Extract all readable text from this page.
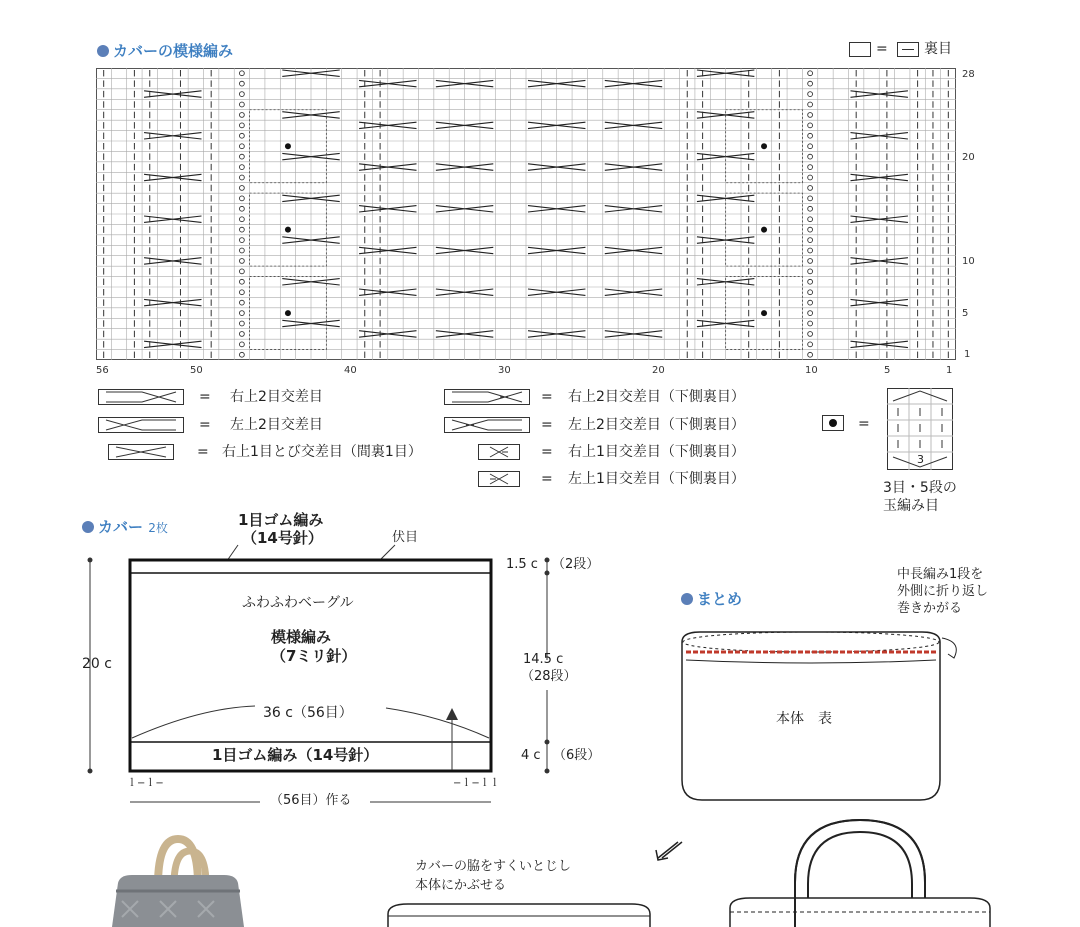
カバーの模様編み	=	裏目
56	50	40	30	20	10	5	1
28
20
10
5
1
= 右上2目交差目
= 左上2目交差目
= 右上1目とび交差目（間裏1目）
= 右上2目交差目（下側裏目）
= 左上2目交差目（下側裏目）
= 右上1目交差目（下側裏目）
= 左上1目交差目（下側裏目）
=
3
3目・5段の
玉編み目
カバー 2枚	1目ゴム編み
（14号針）	伏目
ふわふわベーグル
模様編み
（7ミリ針）
36 c（56目）
1目ゴム編み（14号針）
20 c
1.5 c （2段）
14.5 c
（28段）
4 c （6段）
（56目）作る
ｌ−ｌ−	−ｌ−ｌｌ
まとめ
中長編み1段を
外側に折り返し
巻きかがる
本体　表
カバーの脇をすくいとじし
本体にかぶせる
